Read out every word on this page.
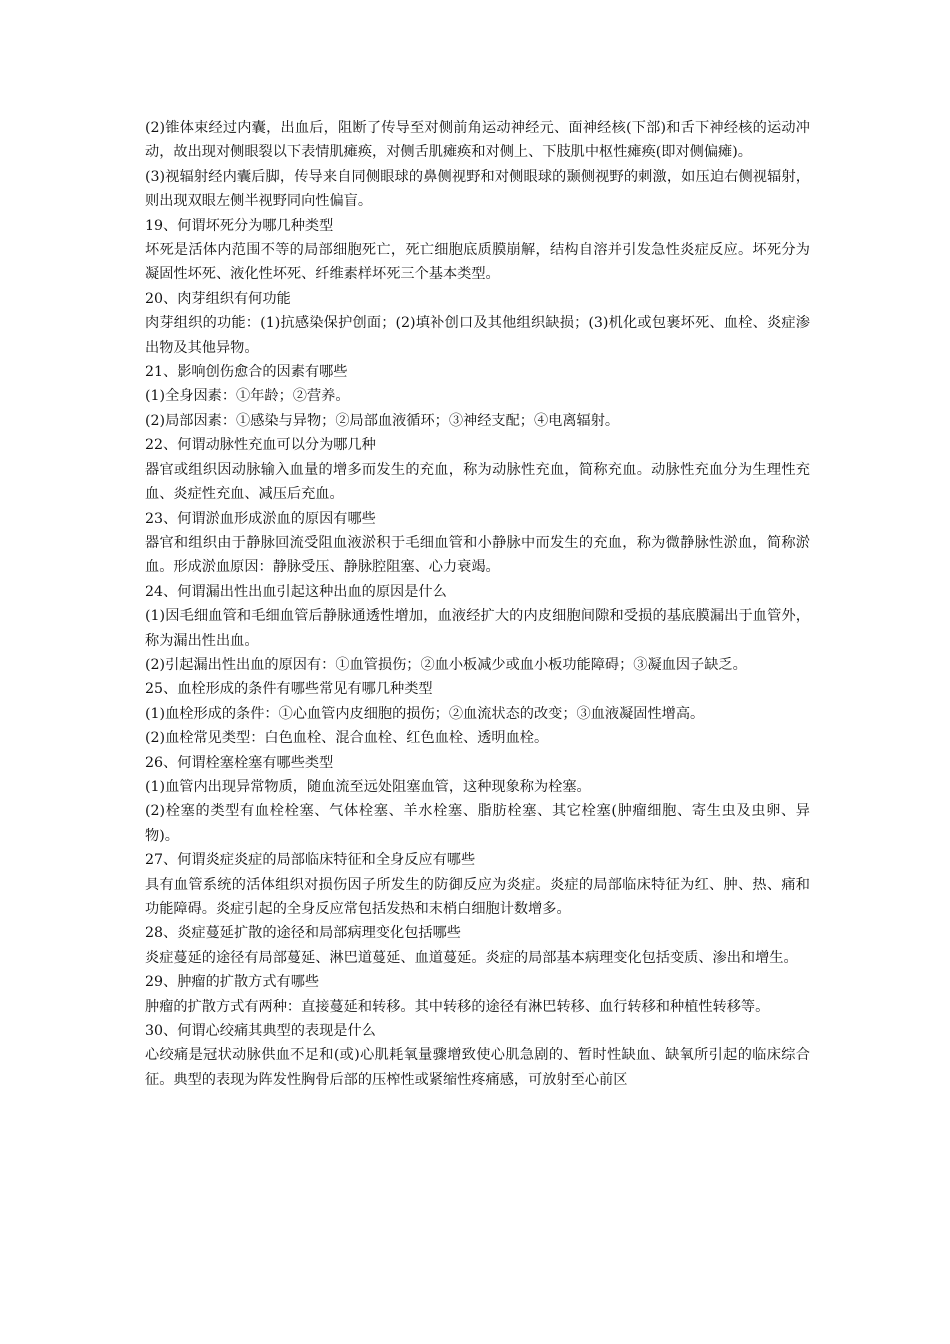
(2)锥体束经过内囊，出血后，阻断了传导至对侧前角运动神经元、面神经核(下部)和舌下神经核的运动冲动，故出现对侧眼裂以下表情肌瘫痪，对侧舌肌瘫痪和对侧上、下肢肌中枢性瘫痪(即对侧偏瘫)。

(3)视辐射经内囊后脚，传导来自同侧眼球的鼻侧视野和对侧眼球的颞侧视野的刺激，如压迫右侧视辐射，则出现双眼左侧半视野同向性偏盲。

19、何谓坏死分为哪几种类型

坏死是活体内范围不等的局部细胞死亡，死亡细胞底质膜崩解，结构自溶并引发急性炎症反应。坏死分为凝固性坏死、液化性坏死、纤维素样坏死三个基本类型。

20、肉芽组织有何功能

肉芽组织的功能：(1)抗感染保护创面；(2)填补创口及其他组织缺损；(3)机化或包裹坏死、血栓、炎症渗出物及其他异物。

21、影响创伤愈合的因素有哪些

(1)全身因素：①年龄；②营养。

(2)局部因素：①感染与异物；②局部血液循环；③神经支配；④电离辐射。

22、何谓动脉性充血可以分为哪几种

器官或组织因动脉输入血量的增多而发生的充血，称为动脉性充血，简称充血。动脉性充血分为生理性充血、炎症性充血、减压后充血。

23、何谓淤血形成淤血的原因有哪些

器官和组织由于静脉回流受阻血液淤积于毛细血管和小静脉中而发生的充血，称为微静脉性淤血，简称淤血。形成淤血原因：静脉受压、静脉腔阻塞、心力衰竭。

24、何谓漏出性出血引起这种出血的原因是什么

(1)因毛细血管和毛细血管后静脉通透性增加，血液经扩大的内皮细胞间隙和受损的基底膜漏出于血管外，称为漏出性出血。

(2)引起漏出性出血的原因有：①血管损伤；②血小板减少或血小板功能障碍；③凝血因子缺乏。

25、血栓形成的条件有哪些常见有哪几种类型

(1)血栓形成的条件：①心血管内皮细胞的损伤；②血流状态的改变；③血液凝固性增高。

(2)血栓常见类型：白色血栓、混合血栓、红色血栓、透明血栓。

26、何谓栓塞栓塞有哪些类型

(1)血管内出现异常物质，随血流至远处阻塞血管，这种现象称为栓塞。

(2)栓塞的类型有血栓栓塞、气体栓塞、羊水栓塞、脂肪栓塞、其它栓塞(肿瘤细胞、寄生虫及虫卵、异物)。

27、何谓炎症炎症的局部临床特征和全身反应有哪些

具有血管系统的活体组织对损伤因子所发生的防御反应为炎症。炎症的局部临床特征为红、肿、热、痛和功能障碍。炎症引起的全身反应常包括发热和末梢白细胞计数增多。

28、炎症蔓延扩散的途径和局部病理变化包括哪些

炎症蔓延的途径有局部蔓延、淋巴道蔓延、血道蔓延。炎症的局部基本病理变化包括变质、渗出和增生。

29、肿瘤的扩散方式有哪些

肿瘤的扩散方式有两种：直接蔓延和转移。其中转移的途径有淋巴转移、血行转移和种植性转移等。

30、何谓心绞痛其典型的表现是什么

心绞痛是冠状动脉供血不足和(或)心肌耗氧量骤增致使心肌急剧的、暂时性缺血、缺氧所引起的临床综合征。典型的表现为阵发性胸骨后部的压榨性或紧缩性疼痛感，可放射至心前区
